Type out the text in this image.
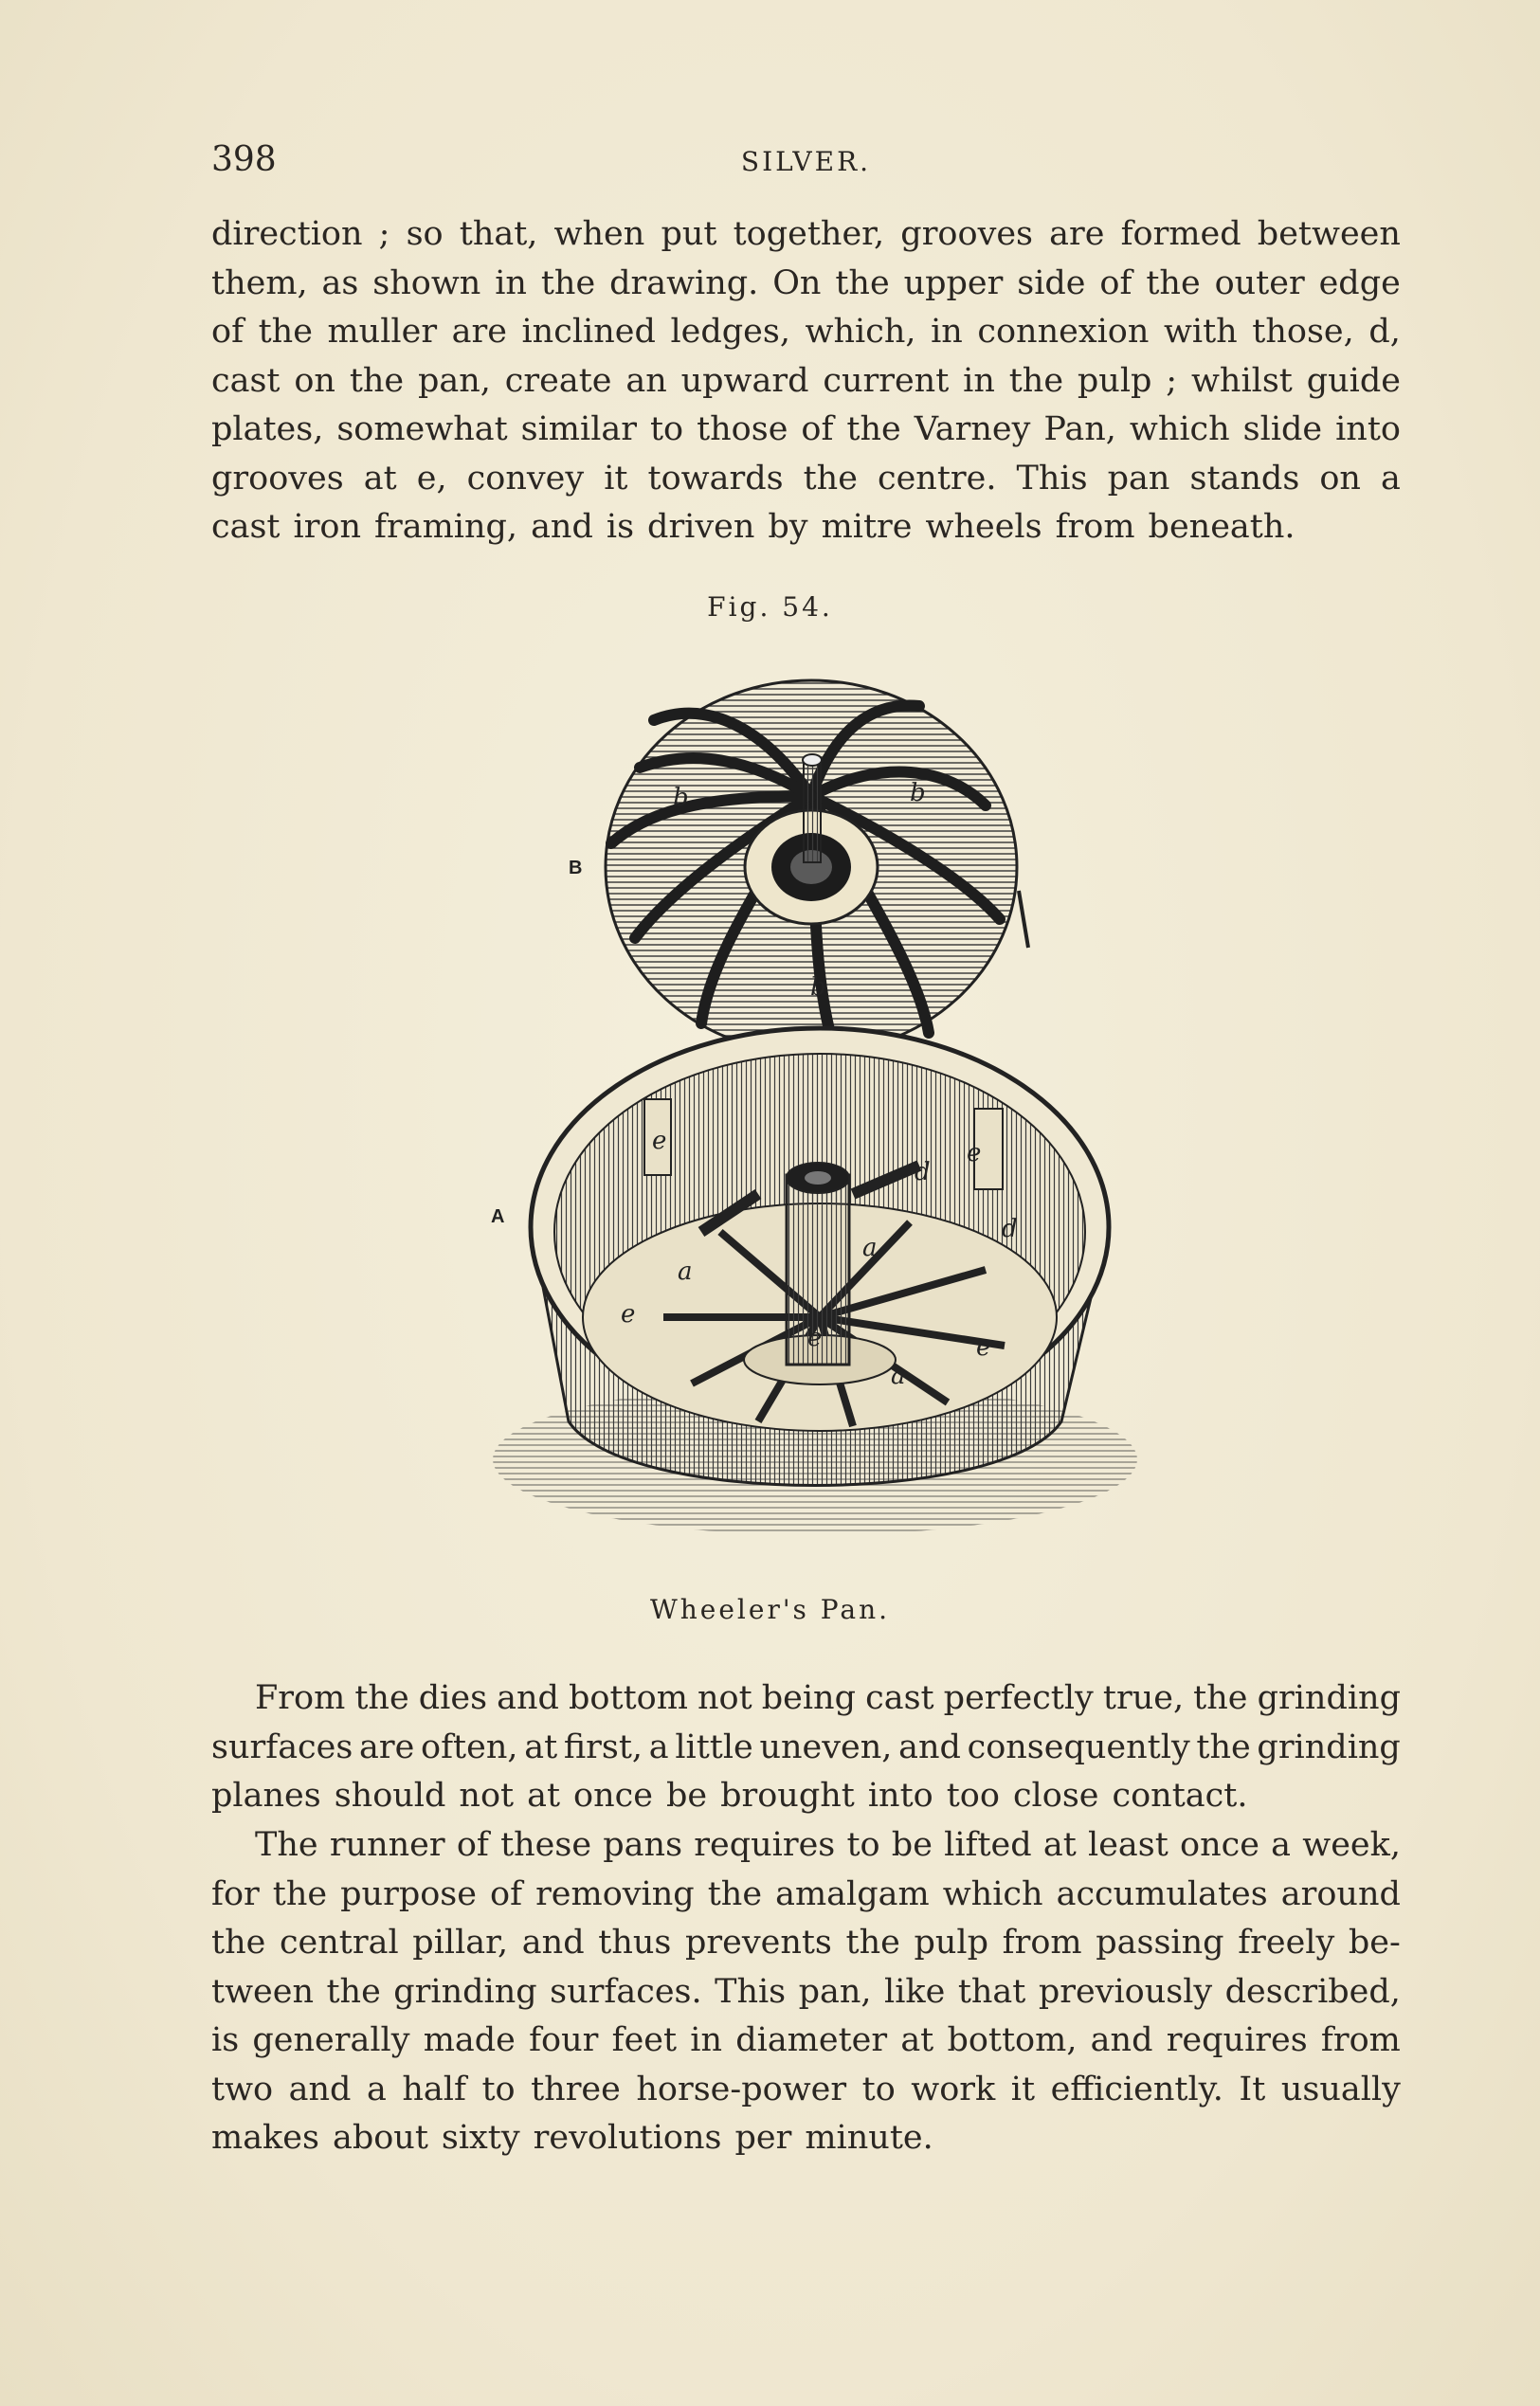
398	SILVER.
direction ; so that, when put together, grooves are formed between
them, as shown in the drawing. On the upper side of the outer edge
of the muller are inclined ledges, which, in connexion with those, d,
cast on the pan, create an upward current in the pulp ; whilst guide
plates, somewhat similar to those of the Varney Pan, which slide into
grooves at e, convey it towards the centre. This pan stands on a
cast iron framing, and is driven by mitre wheels from beneath.
Fig. 54.
B
b	b
b
A
e	e
e
e	e
d
d
a
a
a
Wheeler's Pan.
From the dies and bottom not being cast perfectly true, the grinding
surfaces are often, at first, a little uneven, and consequently the grinding
planes should not at once be brought into too close contact.
The runner of these pans requires to be lifted at least once a week,
for the purpose of removing the amalgam which accumulates around
the central pillar, and thus prevents the pulp from passing freely be-
tween the grinding surfaces. This pan, like that previously described,
is generally made four feet in diameter at bottom, and requires from
two and a half to three horse-power to work it efficiently. It usually
makes about sixty revolutions per minute.
